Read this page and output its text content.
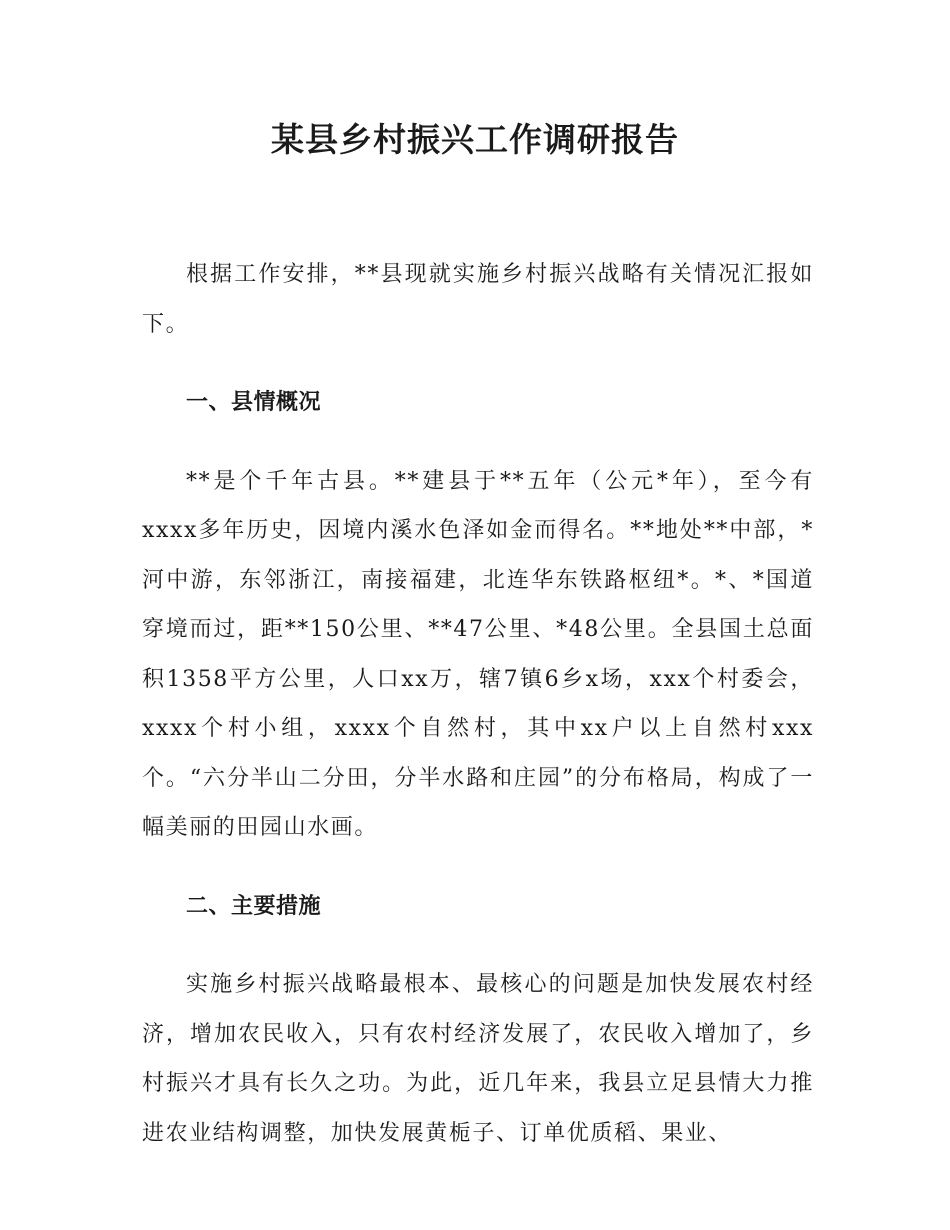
某县乡村振兴工作调研报告

根据工作安排，**县现就实施乡村振兴战略有关情况汇报如下。

一、县情概况

**是个千年古县。**建县于**五年（公元*年），至今有xxxx多年历史，因境内溪水色泽如金而得名。**地处**中部，*河中游，东邻浙江，南接福建，北连华东铁路枢纽*。*、*国道穿境而过，距**150公里、**47公里、*48公里。全县国土总面积1358平方公里，人口xx万，辖7镇6乡x场，xxx个村委会，xxxx个村小组，xxxx个自然村，其中xx户以上自然村xxx个。“六分半山二分田，分半水路和庄园”的分布格局，构成了一幅美丽的田园山水画。

二、主要措施

实施乡村振兴战略最根本、最核心的问题是加快发展农村经济，增加农民收入，只有农村经济发展了，农民收入增加了，乡村振兴才具有长久之功。为此，近几年来，我县立足县情大力推进农业结构调整，加快发展黄栀子、订单优质稻、果业、
